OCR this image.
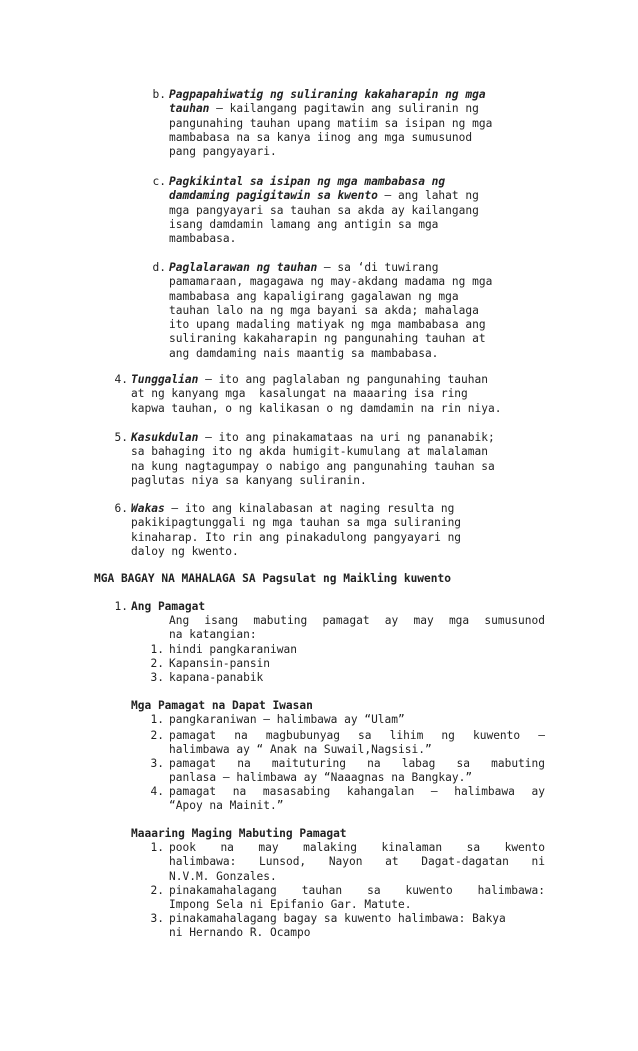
b. Pagpapahiwatig ng suliraning kakaharapin ng mga
tauhan – kailangang pagitawin ang suliranin ng
pangunahing tauhan upang matiim sa isipan ng mga
mambabasa na sa kanya iinog ang mga sumusunod
pang pangyayari.
c. Pagkikintal sa isipan ng mga mambabasa ng
damdaming pagigitawin sa kwento – ang lahat ng
mga pangyayari sa tauhan sa akda ay kailangang
isang damdamin lamang ang antigin sa mga
mambabasa.
d. Paglalarawan ng tauhan – sa ‘di tuwirang
pamamaraan, magagawa ng may-akdang madama ng mga
mambabasa ang kapaligirang gagalawan ng mga
tauhan lalo na ng mga bayani sa akda; mahalaga
ito upang madaling matiyak ng mga mambabasa ang
suliraning kakaharapin ng pangunahing tauhan at
ang damdaming nais maantig sa mambabasa.
4. Tunggalian – ito ang paglalaban ng pangunahing tauhan
at ng kanyang mga  kasalungat na maaaring isa ring
kapwa tauhan, o ng kalikasan o ng damdamin na rin niya.
5. Kasukdulan – ito ang pinakamataas na uri ng pananabik;
sa bahaging ito ng akda humigit-kumulang at malalaman
na kung nagtagumpay o nabigo ang pangunahing tauhan sa
paglutas niya sa kanyang suliranin.
6. Wakas – ito ang kinalabasan at naging resulta ng
pakikipagtunggali ng mga tauhan sa mga suliraning
kinaharap. Ito rin ang pinakadulong pangyayari ng
daloy ng kwento.
MGA BAGAY NA MAHALAGA SA Pagsulat ng Maikling kuwento
1. Ang Pamagat
Ang isang mabuting pamagat ay may mga sumusunod
na katangian:
1. hindi pangkaraniwan
2. Kapansin-pansin
3. kapana-panabik
Mga Pamagat na Dapat Iwasan
1. pangkaraniwan – halimbawa ay “Ulam”
2. pamagat na magbubunyag sa lihim ng kuwento –
halimbawa ay “ Anak na Suwail,Nagsisi.”
3. pamagat na maituturing na labag sa mabuting
panlasa – halimbawa ay “Naaagnas na Bangkay.”
4. pamagat na masasabing kahangalan – halimbawa ay
“Apoy na Mainit.”
Maaaring Maging Mabuting Pamagat
1. pook na may malaking kinalaman sa kwento
halimbawa: Lunsod, Nayon at Dagat-dagatan ni
N.V.M. Gonzales.
2. pinakamahalagang tauhan sa kuwento halimbawa:
Impong Sela ni Epifanio Gar. Matute.
3. pinakamahalagang bagay sa kuwento halimbawa: Bakya
ni Hernando R. Ocampo
